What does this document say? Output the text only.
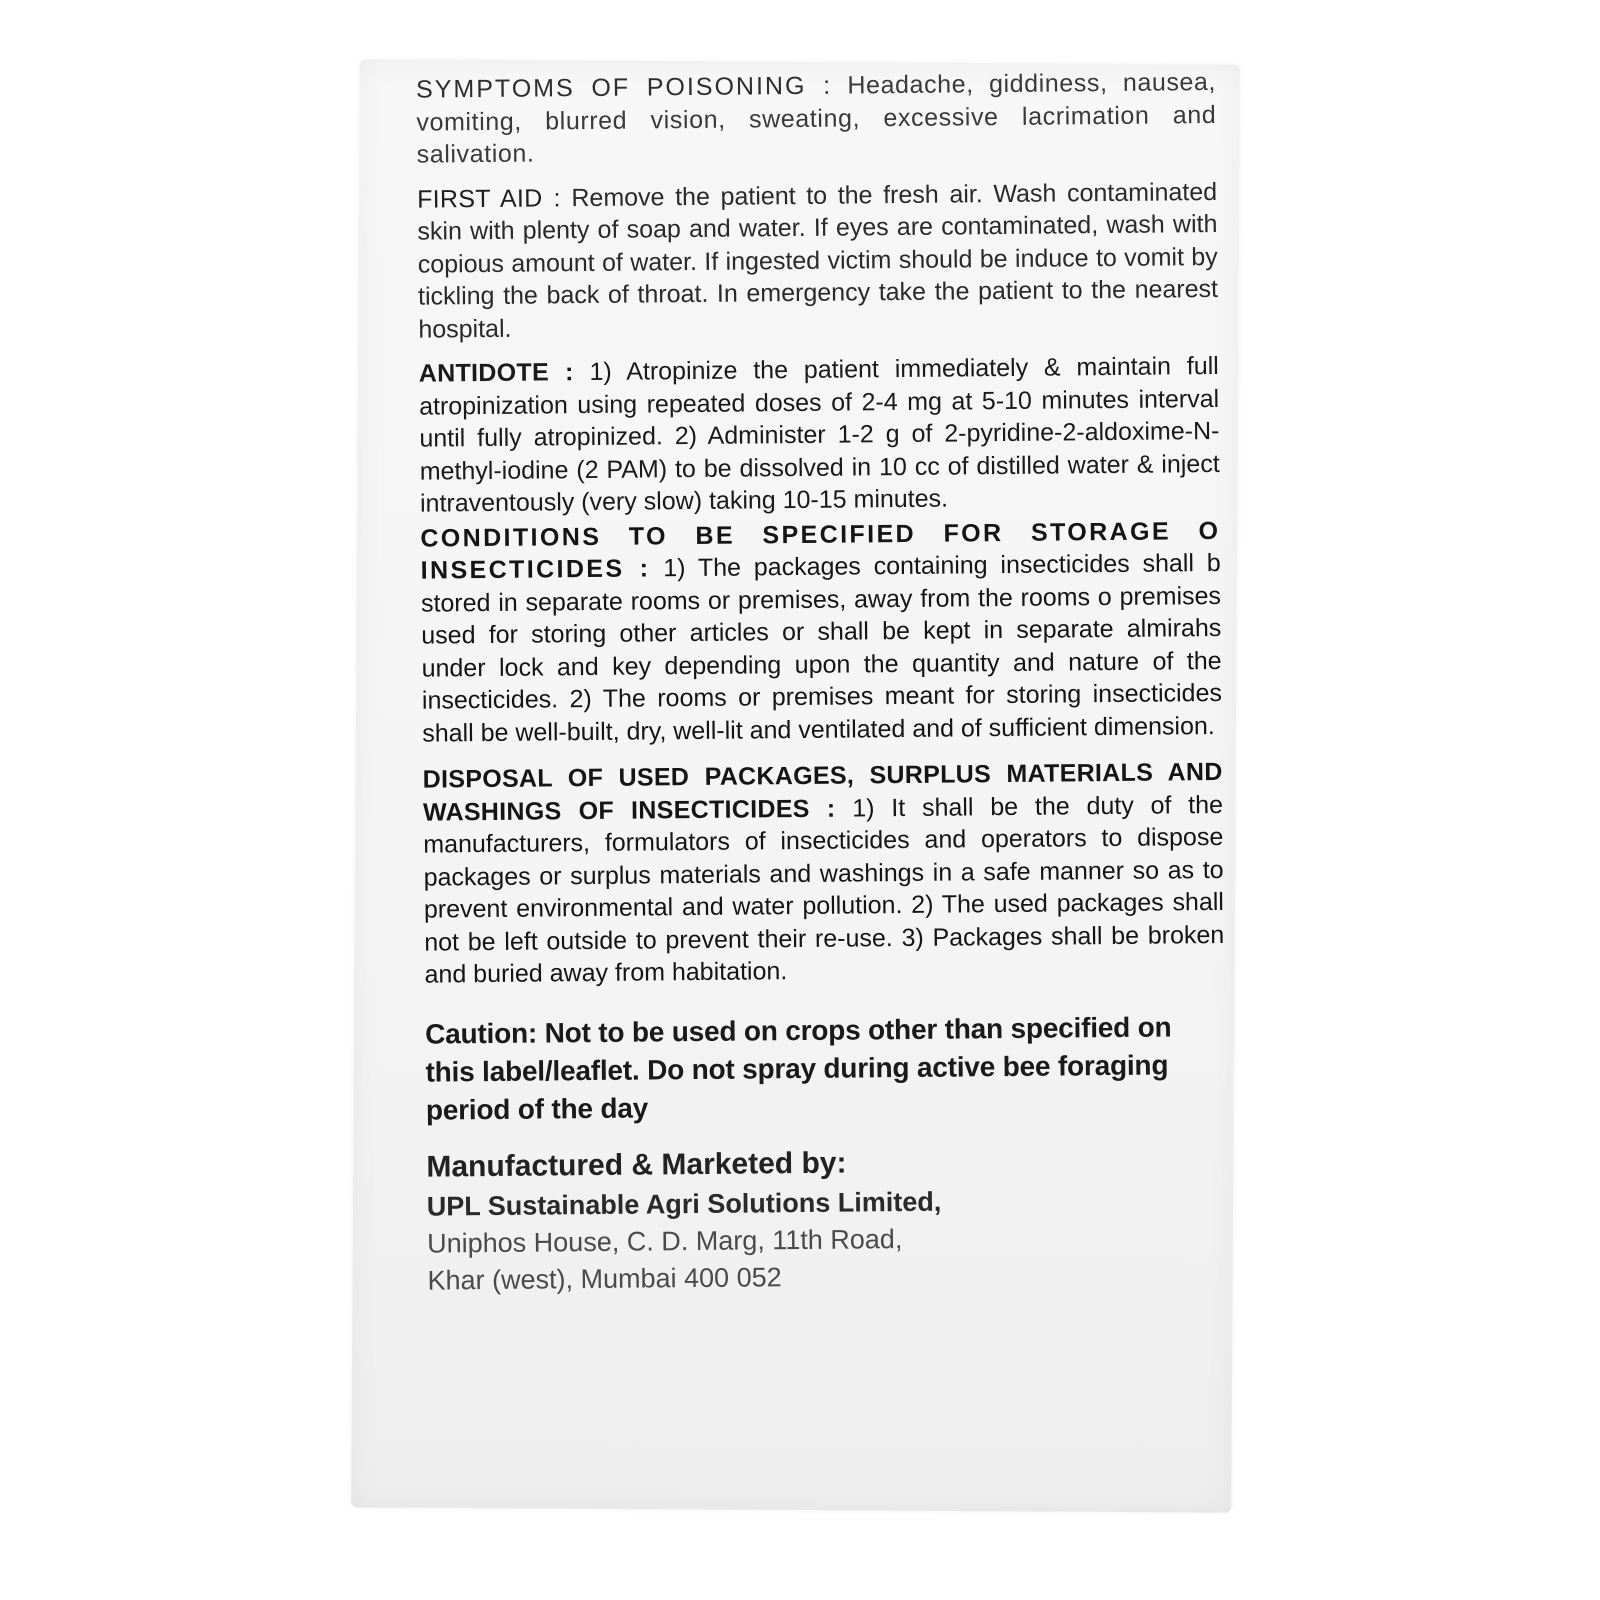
SYMPTOMS OF POISONING : Headache, giddiness, nausea, vomiting, blurred vision, sweating, excessive lacrimation and salivation.

FIRST AID : Remove the patient to the fresh air. Wash contaminated skin with plenty of soap and water. If eyes are contaminated, wash with copious amount of water. If ingested victim should be induce to vomit by tickling the back of throat. In emergency take the patient to the nearest hospital.

ANTIDOTE : 1) Atropinize the patient immediately & maintain full atropinization using repeated doses of 2-4 mg at 5-10 minutes interval until fully atropinized. 2) Administer 1-2 g of 2-pyridine-2-aldoxime-N-methyl-iodine (2 PAM) to be dissolved in 10 cc of distilled water & inject intraventously (very slow) taking 10-15 minutes.

CONDITIONS TO BE SPECIFIED FOR STORAGE O INSECTICIDES : 1) The packages containing insecticides shall b stored in separate rooms or premises, away from the rooms o premises used for storing other articles or shall be kept in separate almirahs under lock and key depending upon the quantity and nature of the insecticides. 2) The rooms or premises meant for storing insecticides shall be well-built, dry, well-lit and ventilated and of sufficient dimension.

DISPOSAL OF USED PACKAGES, SURPLUS MATERIALS AND WASHINGS OF INSECTICIDES : 1) It shall be the duty of the manufacturers, formulators of insecticides and operators to dispose packages or surplus materials and washings in a safe manner so as to prevent environmental and water pollution. 2) The used packages shall not be left outside to prevent their re-use. 3) Packages shall be broken and buried away from habitation.

Caution: Not to be used on crops other than specified on this label/leaflet. Do not spray during active bee foraging period of the day

Manufactured & Marketed by:
UPL Sustainable Agri Solutions Limited,
Uniphos House, C. D. Marg, 11th Road,
Khar (west), Mumbai 400 052
